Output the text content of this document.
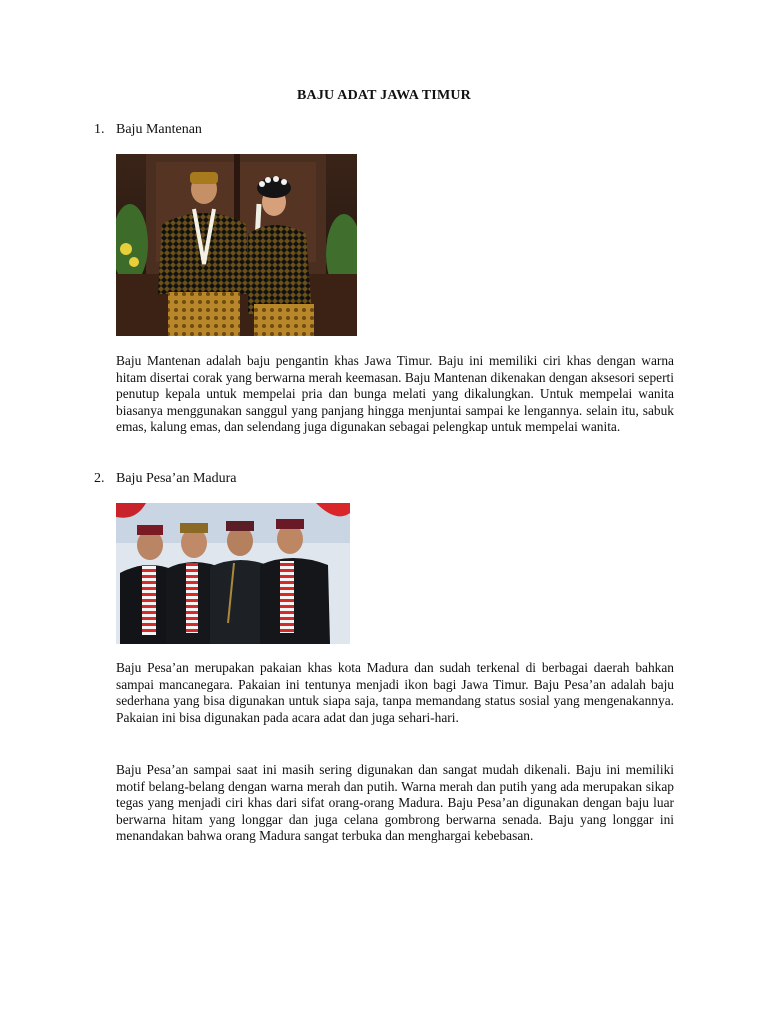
BAJU ADAT JAWA TIMUR
1. Baju Mantenan

Baju Mantenan adalah baju pengantin khas Jawa Timur. Baju ini memiliki ciri khas dengan warna hitam disertai corak yang berwarna merah keemasan. Baju Mantenan dikenakan dengan aksesori seperti penutup kepala untuk mempelai pria dan bunga melati yang dikalungkan. Untuk mempelai wanita biasanya menggunakan sanggul yang panjang hingga menjuntai sampai ke lengannya. selain itu, sabuk emas, kalung emas, dan selendang juga digunakan sebagai pelengkap untuk mempelai wanita.

2. Baju Pesa’an Madura

Baju Pesa’an merupakan pakaian khas kota Madura dan sudah terkenal di berbagai daerah bahkan sampai mancanegara. Pakaian ini tentunya menjadi ikon bagi Jawa Timur. Baju Pesa’an adalah baju sederhana yang bisa digunakan untuk siapa saja, tanpa memandang status sosial yang mengenakannya. Pakaian ini bisa digunakan pada acara adat dan juga sehari-hari.

Baju Pesa’an sampai saat ini masih sering digunakan dan sangat mudah dikenali. Baju ini memiliki motif belang-belang dengan warna merah dan putih. Warna merah dan putih yang ada merupakan sikap tegas yang menjadi ciri khas dari sifat orang-orang Madura. Baju Pesa’an digunakan dengan baju luar berwarna hitam yang longgar dan juga celana gombrong berwarna senada. Baju yang longgar ini menandakan bahwa orang Madura sangat terbuka dan menghargai kebebasan.
